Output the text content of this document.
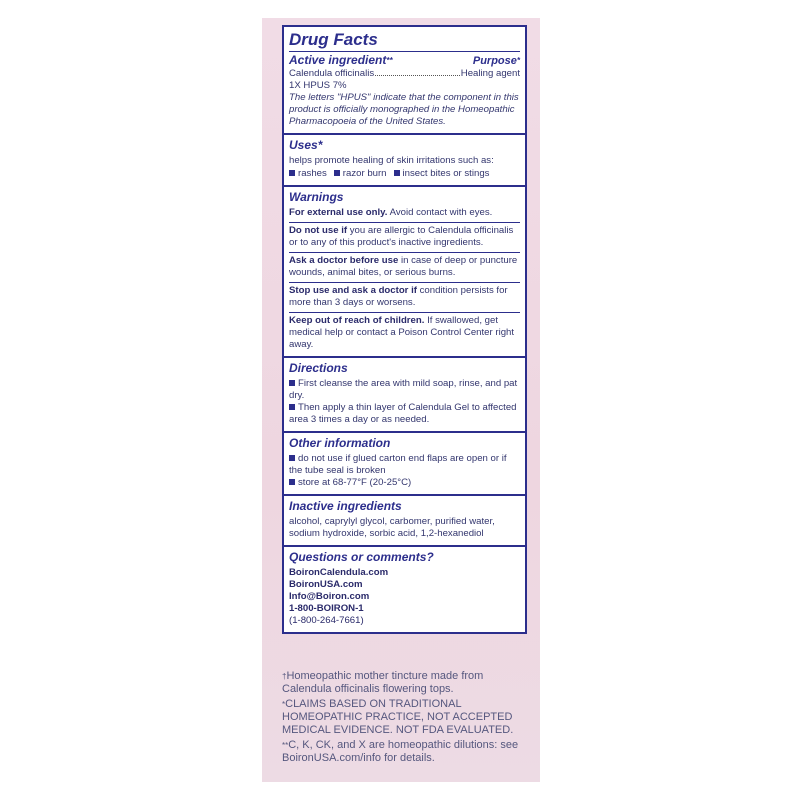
Drug Facts
Active ingredient**	Purpose*
Calendula officinalis	Healing agent

1X HPUS 7%

The letters "HPUS" indicate that the component in this product is officially monographed in the Homeopathic Pharmacopoeia of the United States.

Uses*

helps promote healing of skin irritations such as:

rashes	razor burn	insect bites or stings
Warnings
For external use only. Avoid contact with eyes.
Do not use if you are allergic to Calendula officinalis or to any of this product's inactive ingredients.
Ask a doctor before use in case of deep or puncture wounds, animal bites, or serious burns.
Stop use and ask a doctor if condition persists for more than 3 days or worsens.
Keep out of reach of children. If swallowed, get medical help or contact a Poison Control Center right away.
Directions

First cleanse the area with mild soap, rinse, and pat dry.

Then apply a thin layer of Calendula Gel to affected area 3 times a day or as needed.

Other information

do not use if glued carton end flaps are open or if the tube seal is broken

store at 68-77°F (20-25°C)

Inactive ingredients

alcohol, caprylyl glycol, carbomer, purified water, sodium hydroxide, sorbic acid, 1,2-hexanediol

Questions or comments?

BoironCalendula.com

BoironUSA.com

Info@Boiron.com

1-800-BOIRON-1

(1-800-264-7661)

†Homeopathic mother tincture made from Calendula officinalis flowering tops.

*CLAIMS BASED ON TRADITIONAL HOMEOPATHIC PRACTICE, NOT ACCEPTED MEDICAL EVIDENCE. NOT FDA EVALUATED.

**C, K, CK, and X are homeopathic dilutions: see BoironUSA.com/info for details.
